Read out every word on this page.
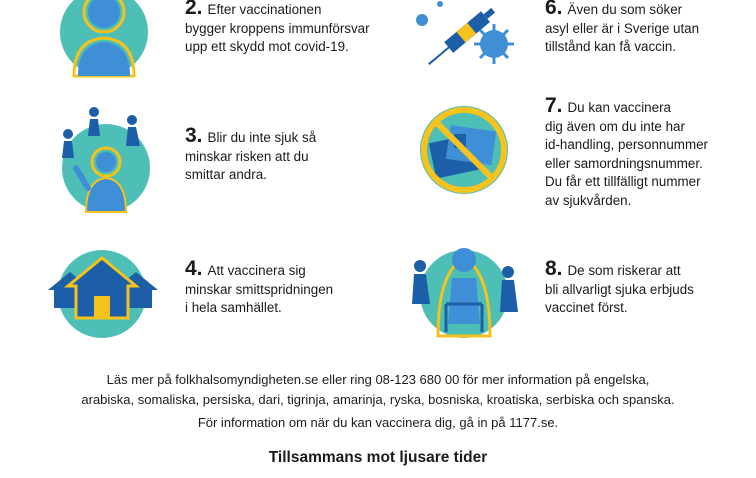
2. Efter vaccinationen
bygger kroppens immunförsvar
upp ett skydd mot covid-19.
3. Blir du inte sjuk så
minskar risken att du
smittar andra.
4. Att vaccinera sig
minskar smittspridningen
i hela samhället.
6. Även du som söker
asyl eller är i Sverige utan
tillstånd kan få vaccin.
7. Du kan vaccinera
dig även om du inte har
id-handling, personnummer
eller samordningsnummer.
Du får ett tillfälligt nummer
av sjukvården.
8. De som riskerar att
bli allvarligt sjuka erbjuds
vaccinet först.
Läs mer på folkhalsomyndigheten.se eller ring 08-123 680 00 för mer information på engelska,
arabiska, somaliska, persiska, dari, tigrinja, amarinja, ryska, bosniska, kroatiska, serbiska och spanska.
För information om när du kan vaccinera dig, gå in på 1177.se.
Tillsammans mot ljusare tider
